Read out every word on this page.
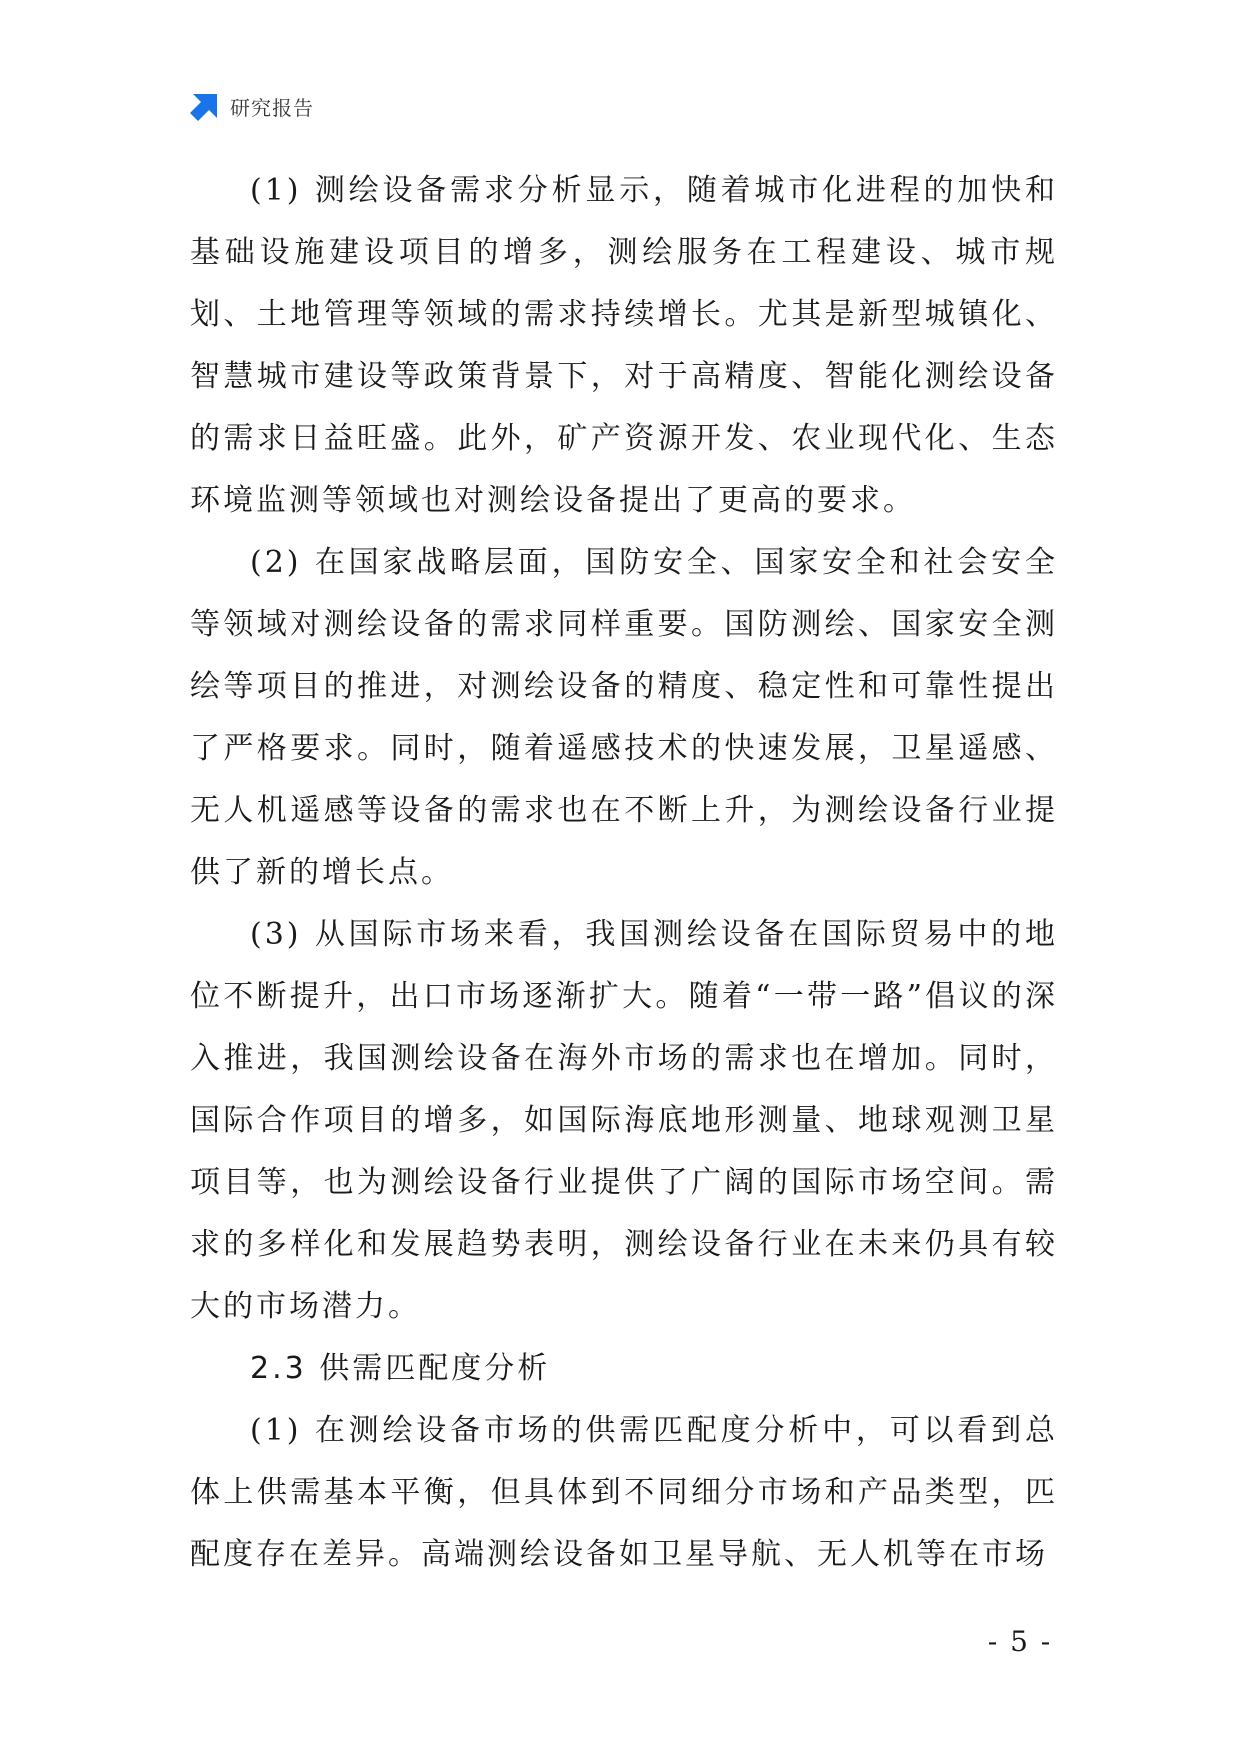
研究报告

(1) 测绘设备需求分析显示，随着城市化进程的加快和基础设施建设项目的增多，测绘服务在工程建设、城市规划、土地管理等领域的需求持续增长。尤其是新型城镇化、智慧城市建设等政策背景下，对于高精度、智能化测绘设备的需求日益旺盛。此外，矿产资源开发、农业现代化、生态环境监测等领域也对测绘设备提出了更高的要求。

(2) 在国家战略层面，国防安全、国家安全和社会安全等领域对测绘设备的需求同样重要。国防测绘、国家安全测绘等项目的推进，对测绘设备的精度、稳定性和可靠性提出了严格要求。同时，随着遥感技术的快速发展，卫星遥感、无人机遥感等设备的需求也在不断上升，为测绘设备行业提供了新的增长点。

(3) 从国际市场来看，我国测绘设备在国际贸易中的地位不断提升，出口市场逐渐扩大。随着“一带一路”倡议的深入推进，我国测绘设备在海外市场的需求也在增加。同时，国际合作项目的增多，如国际海底地形测量、地球观测卫星项目等，也为测绘设备行业提供了广阔的国际市场空间。需求的多样化和发展趋势表明，测绘设备行业在未来仍具有较大的市场潜力。

2.3 供需匹配度分析

(1) 在测绘设备市场的供需匹配度分析中，可以看到总体上供需基本平衡，但具体到不同细分市场和产品类型，匹配度存在差异。高端测绘设备如卫星导航、无人机等在市场

- 5 -
